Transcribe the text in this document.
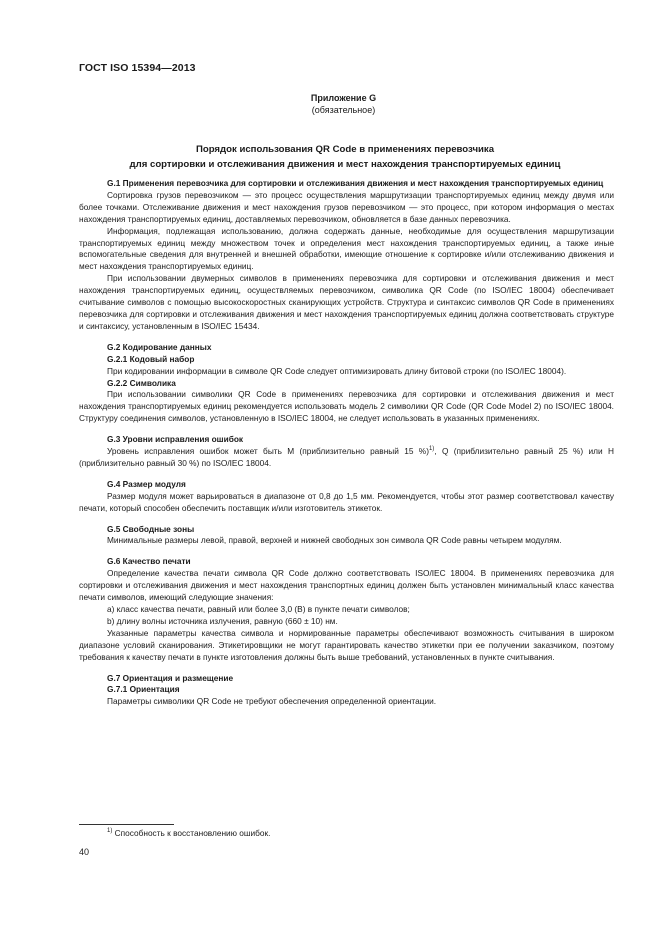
ГОСТ ISO 15394—2013
Приложение G
(обязательное)
Порядок использования QR Code в применениях перевозчика
для сортировки и отслеживания движения и мест нахождения транспортируемых единиц

G.1 Применения перевозчика для сортировки и отслеживания движения и мест нахождения транспортируемых единиц

Сортировка грузов перевозчиком — это процесс осуществления маршрутизации транспортируемых единиц между двумя или более точками. Отслеживание движения и мест нахождения грузов перевозчиком — это процесс, при котором информация о местах нахождения транспортируемых единиц, доставляемых перевозчиком, обновляется в базе данных перевозчика.

Информация, подлежащая использованию, должна содержать данные, необходимые для осуществления маршрутизации транспортируемых единиц между множеством точек и определения мест нахождения транспортируемых единиц, а также иные вспомогательные сведения для внутренней и внешней обработки, имеющие отношение к сортировке и/или отслеживанию движения и мест нахождения транспортируемых единиц.

При использовании двумерных символов в применениях перевозчика для сортировки и отслеживания движения и мест нахождения транспортируемых единиц, осуществляемых перевозчиком, символика QR Code (по ISO/IEC 18004) обеспечивает считывание символов с помощью высокоскоростных сканирующих устройств. Структура и синтаксис символов QR Code в применениях перевозчика для сортировки и отслеживания движения и мест нахождения транспортируемых единиц должна соответствовать структуре и синтаксису, установленным в ISO/IEC 15434.

G.2 Кодирование данных

G.2.1 Кодовый набор

При кодировании информации в символе QR Code следует оптимизировать длину битовой строки (по ISO/IEC 18004).

G.2.2 Символика

При использовании символики QR Code в применениях перевозчика для сортировки и отслеживания движения и мест нахождения транспортируемых единиц рекомендуется использовать модель 2 символики QR Code (QR Code Model 2) по ISO/IEC 18004. Структуру соединения символов, установленную в ISO/IEC 18004, не следует использовать в указанных применениях.

G.3 Уровни исправления ошибок

Уровень исправления ошибок может быть М (приблизительно равный 15 %)$^{1)}$, Q (приблизительно равный 25 %) или Н (приблизительно равный 30 %) по ISO/IEC 18004.

G.4 Размер модуля

Размер модуля может варьироваться в диапазоне от 0,8 до 1,5 мм. Рекомендуется, чтобы этот размер соответствовал качеству печати, который способен обеспечить поставщик и/или изготовитель этикеток.

G.5 Свободные зоны

Минимальные размеры левой, правой, верхней и нижней свободных зон символа QR Code равны четырем модулям.

G.6 Качество печати

Определение качества печати символа QR Code должно соответствовать ISO/IEC 18004. В применениях перевозчика для сортировки и отслеживания движения и мест нахождения транспортных единиц должен быть установлен минимальный класс качества печати символов, имеющий следующие значения:

a) класс качества печати, равный или более 3,0 (В) в пункте печати символов;

b) длину волны источника излучения, равную (660 ± 10) нм.

Указанные параметры качества символа и нормированные параметры обеспечивают возможность считывания в широком диапазоне условий сканирования. Этикетировщики не могут гарантировать качество этикетки при ее получении заказчиком, поэтому требования к качеству печати в пункте изготовления должны быть выше требований, установленных в пункте считывания.

G.7 Ориентация и размещение

G.7.1 Ориентация

Параметры символики QR Code не требуют обеспечения определенной ориентации.

$^{1)}$ Способность к восстановлению ошибок.
40
